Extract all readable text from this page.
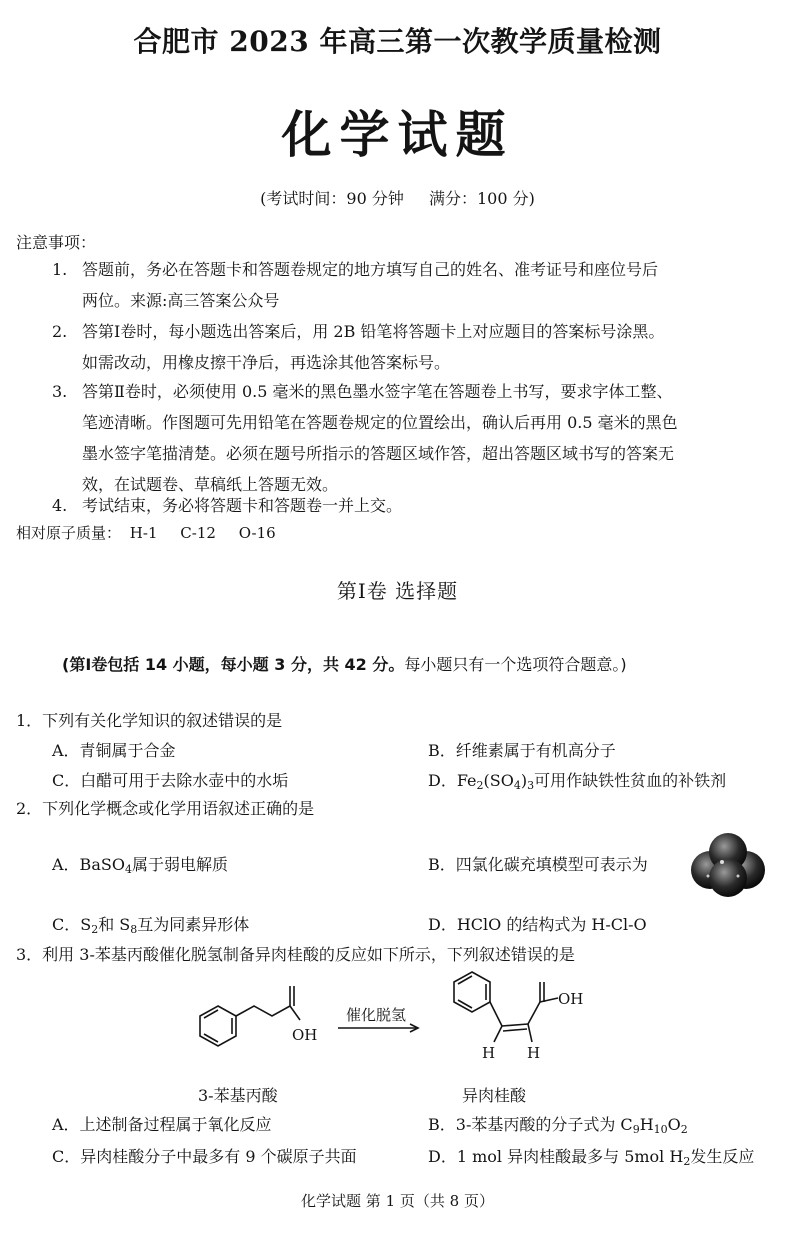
合肥市 2023 年高三第一次教学质量检测
化学试题
(考试时间：90 分钟 满分：100 分)
注意事项：
1. 答题前，务必在答题卡和答题卷规定的地方填写自己的姓名、准考证号和座位号后
两位。来源:高三答案公众号
2. 答第Ⅰ卷时，每小题选出答案后，用 2B 铅笔将答题卡上对应题目的答案标号涂黑。
如需改动，用橡皮擦干净后，再选涂其他答案标号。
3. 答第Ⅱ卷时，必须使用 0.5 毫米的黑色墨水签字笔在答题卷上书写，要求字体工整、
笔迹清晰。作图题可先用铅笔在答题卷规定的位置绘出，确认后再用 0.5 毫米的黑色
墨水签字笔描清楚。必须在题号所指示的答题区域作答，超出答题区域书写的答案无
效，在试题卷、草稿纸上答题无效。
4. 考试结束，务必将答题卡和答题卷一并上交。
相对原子质量： H-1 C-12 O-16
第Ⅰ卷 选择题
(第Ⅰ卷包括 14 小题，每小题 3 分，共 42 分。每小题只有一个选项符合题意。)
1．下列有关化学知识的叙述错误的是
A．青铜属于合金	B．纤维素属于有机高分子
C．白醋可用于去除水壶中的水垢	D．$Fe_2(SO_4)_3$可用作缺铁性贫血的补铁剂
2．下列化学概念或化学用语叙述正确的是
A．BaSO$_4$属于弱电解质	B．四氯化碳充填模型可表示为
C．$S_2$和 $S_8$互为同素异形体	D．HClO 的结构式为 H-Cl-O
3．利用 3-苯基丙酸催化脱氢制备异肉桂酸的反应如下所示，下列叙述错误的是
OH
催化脱氢
OH
H H
3-苯基丙酸	异肉桂酸
A．上述制备过程属于氧化反应	B．3-苯基丙酸的分子式为 $C_9H_{10}O_2$
C．异肉桂酸分子中最多有 9 个碳原子共面	D．1 mol 异肉桂酸最多与 5mol $H_2$发生反应
化学试题 第 1 页（共 8 页）
